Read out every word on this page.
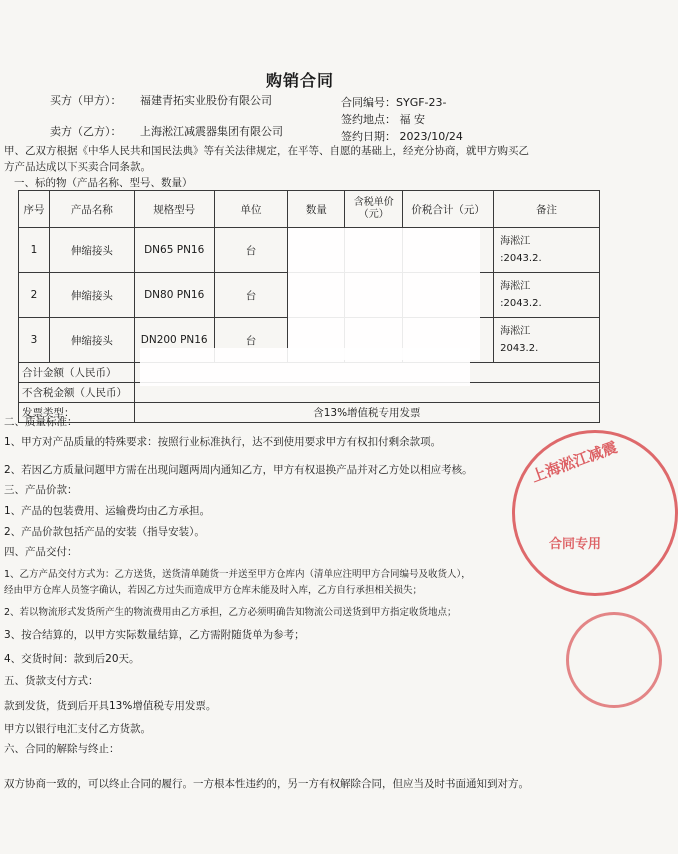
购销合同
买方（甲方）： 福建青拓实业股份有限公司	合同编号：SYGF-23-
签约地点： 福 安
卖方（乙方）： 上海淞江减震器集团有限公司	签约日期： 2023/10/24
甲、乙双方根据《中华人民共和国民法典》等有关法律规定，在平等、自愿的基础上，经充分协商，就甲方购买乙
方产品达成以下买卖合同条款。
一、标的物（产品名称、型号、数量）
序号	产品名称	规格型号	单位	数量	含税单价（元）	价税合计（元）	备注
1	伸缩接头	DN65 PN16	台				海淞江
:2043.2.

2	伸缩接头	DN80 PN16	台				海淞江
:2043.2.

3	伸缩接头	DN200 PN16	台				海淞江
2043.2.

合计金额（人民币）							
不含税金额（人民币）							
发票类型：		含13%增值税专用发票					
二、质量标准：
1、甲方对产品质量的特殊要求：按照行业标准执行，达不到使用要求甲方有权扣付剩余款项。
2、若因乙方质量问题甲方需在出现问题两周内通知乙方，甲方有权退换产品并对乙方处以相应考核。
三、产品价款：
1、产品的包装费用、运输费均由乙方承担。
2、产品价款包括产品的安装（指导安装）。
四、产品交付：
1、乙方产品交付方式为：乙方送货，送货清单随货一并送至甲方仓库内（清单应注明甲方合同编号及收货人），
经由甲方仓库人员签字确认，若因乙方过失而造成甲方仓库未能及时入库，乙方自行承担相关损失；
2、若以物流形式发货所产生的物流费用由乙方承担，乙方必须明确告知物流公司送货到甲方指定收货地点；
3、按合结算的，以甲方实际数量结算，乙方需附随货单为参考；
4、交货时间：款到后20天。
五、货款支付方式：
款到发货，货到后开具13%增值税专用发票。
甲方以银行电汇支付乙方货款。
六、合同的解除与终止：
双方协商一致的，可以终止合同的履行。一方根本性违约的，另一方有权解除合同，但应当及时书面通知到对方。
上海淞江减震
合同专用
